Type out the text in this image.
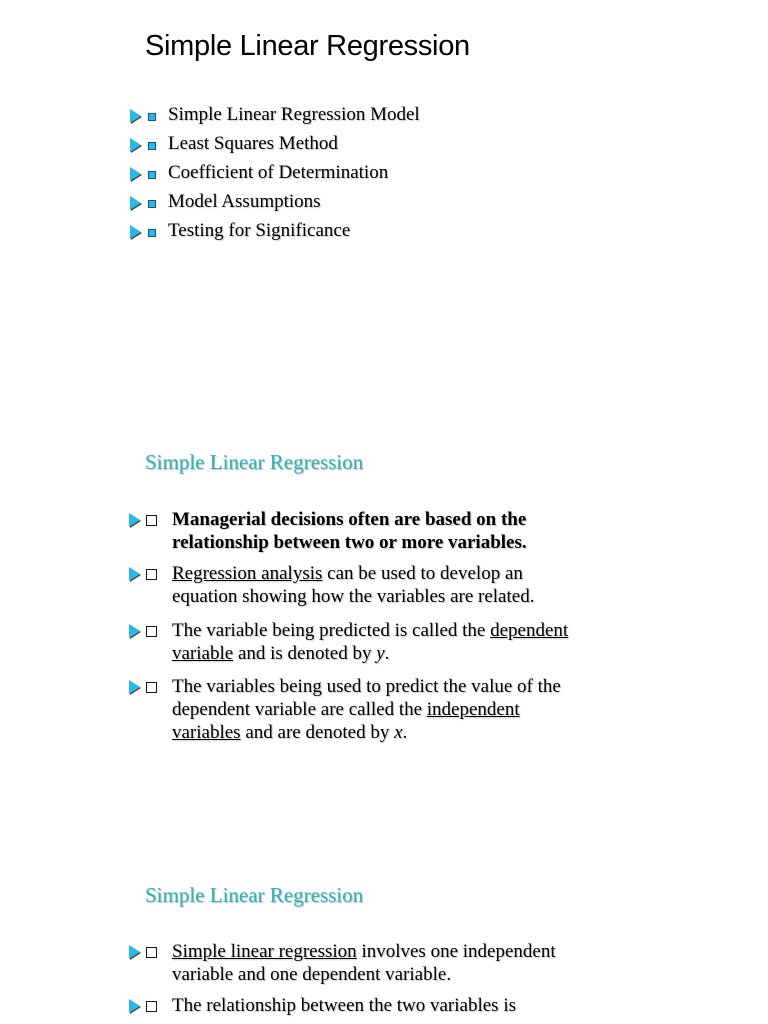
Simple Linear Regression
Simple Linear Regression Model
Least Squares Method
Coefficient of Determination
Model Assumptions
Testing for Significance
Simple Linear Regression
Managerial decisions often are based on the
relationship between two or more variables.
Regression analysis can be used to develop an
equation showing how the variables are related.
The variable being predicted is called the dependent
variable and is denoted by y.
The variables being used to predict the value of the
dependent variable are called the independent
variables and are denoted by x.
Simple Linear Regression
Simple linear regression involves one independent
variable and one dependent variable.
The relationship between the two variables is
